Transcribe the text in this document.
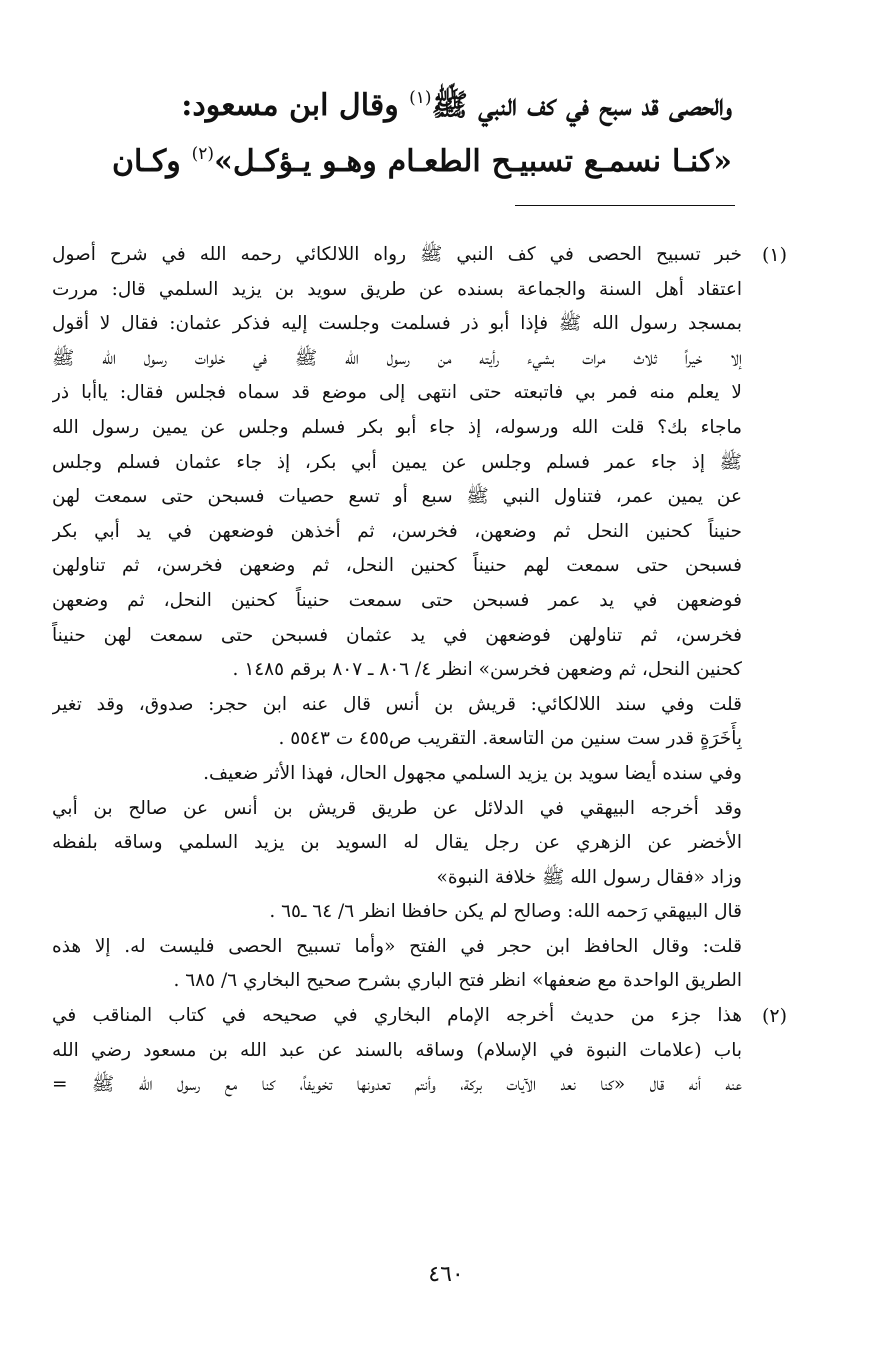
والحصى قد سبح في كف النبي ﷺ$^{(١)}$ وقال ابن مسعود:
«كنـا نسمـع تسبيـح الطعـام وهـو يـؤكـل»$^{(٢)}$ وكـان
(١)
خبر تسبيح الحصى في كف النبي ﷺ رواه اللالكائي رحمه الله في شرح أصول
اعتقاد أهل السنة والجماعة بسنده عن طريق سويد بن يزيد السلمي قال: مررت
بمسجد رسول الله ﷺ فإذا أبو ذر فسلمت وجلست إليه فذكر عثمان: فقال لا أقول
إلا خيراً ثلاث مرات بشيء رأيته من رسول الله ﷺ في خلوات رسول الله ﷺ
لا يعلم منه فمر بي فاتبعته حتى انتهى إلى موضع قد سماه فجلس فقال: ياأبا ذر
ماجاء بك؟ قلت الله ورسوله، إذ جاء أبو بكر فسلم وجلس عن يمين رسول الله
ﷺ إذ جاء عمر فسلم وجلس عن يمين أبي بكر، إذ جاء عثمان فسلم وجلس
عن يمين عمر، فتناول النبي ﷺ سبع أو تسع حصيات فسبحن حتى سمعت لهن
حنيناً كحنين النحل ثم وضعهن، فخرسن، ثم أخذهن فوضعهن في يد أبي بكر
فسبحن حتى سمعت لهم حنيناً كحنين النحل، ثم وضعهن فخرسن، ثم تناولهن
فوضعهن في يد عمر فسبحن حتى سمعت حنيناً كحنين النحل، ثم وضعهن
فخرسن، ثم تناولهن فوضعهن في يد عثمان فسبحن حتى سمعت لهن حنيناً
كحنين النحل، ثم وضعهن فخرسن» انظر ٤/ ٨٠٦ ـ ٨٠٧ برقم ١٤٨٥ .
قلت وفي سند اللالكائي: قريش بن أنس قال عنه ابن حجر: صدوق، وقد تغير
بِأَخَرَةٍ قدر ست سنين من التاسعة. التقريب ص٤٥٥ ت ٥٥٤٣ .
وفي سنده أيضا سويد بن يزيد السلمي مجهول الحال، فهذا الأثر ضعيف.
وقد أخرجه البيهقي في الدلائل عن طريق قريش بن أنس عن صالح بن أبي
الأخضر عن الزهري عن رجل يقال له السويد بن يزيد السلمي وساقه بلفظه
وزاد «فقال رسول الله ﷺ خلافة النبوة»
قال البيهقي رَحمه الله: وصالح لم يكن حافظا انظر ٦/ ٦٤ ـ٦٥ .
قلت: وقال الحافظ ابن حجر في الفتح «وأما تسبيح الحصى فليست له. إلا هذه
الطريق الواحدة مع ضعفها» انظر فتح الباري بشرح صحيح البخاري ٦/ ٦٨٥ .
(٢)
هذا جزء من حديث أخرجه الإمام البخاري في صحيحه في كتاب المناقب في
باب (علامات النبوة في الإسلام) وساقه بالسند عن عبد الله بن مسعود رضي الله
عنه أنه قال «كنا نعد الآيات بركة، وأنتم تعدونها تخويفاً، كنا مع رسول الله ﷺ =
٤٦٠
